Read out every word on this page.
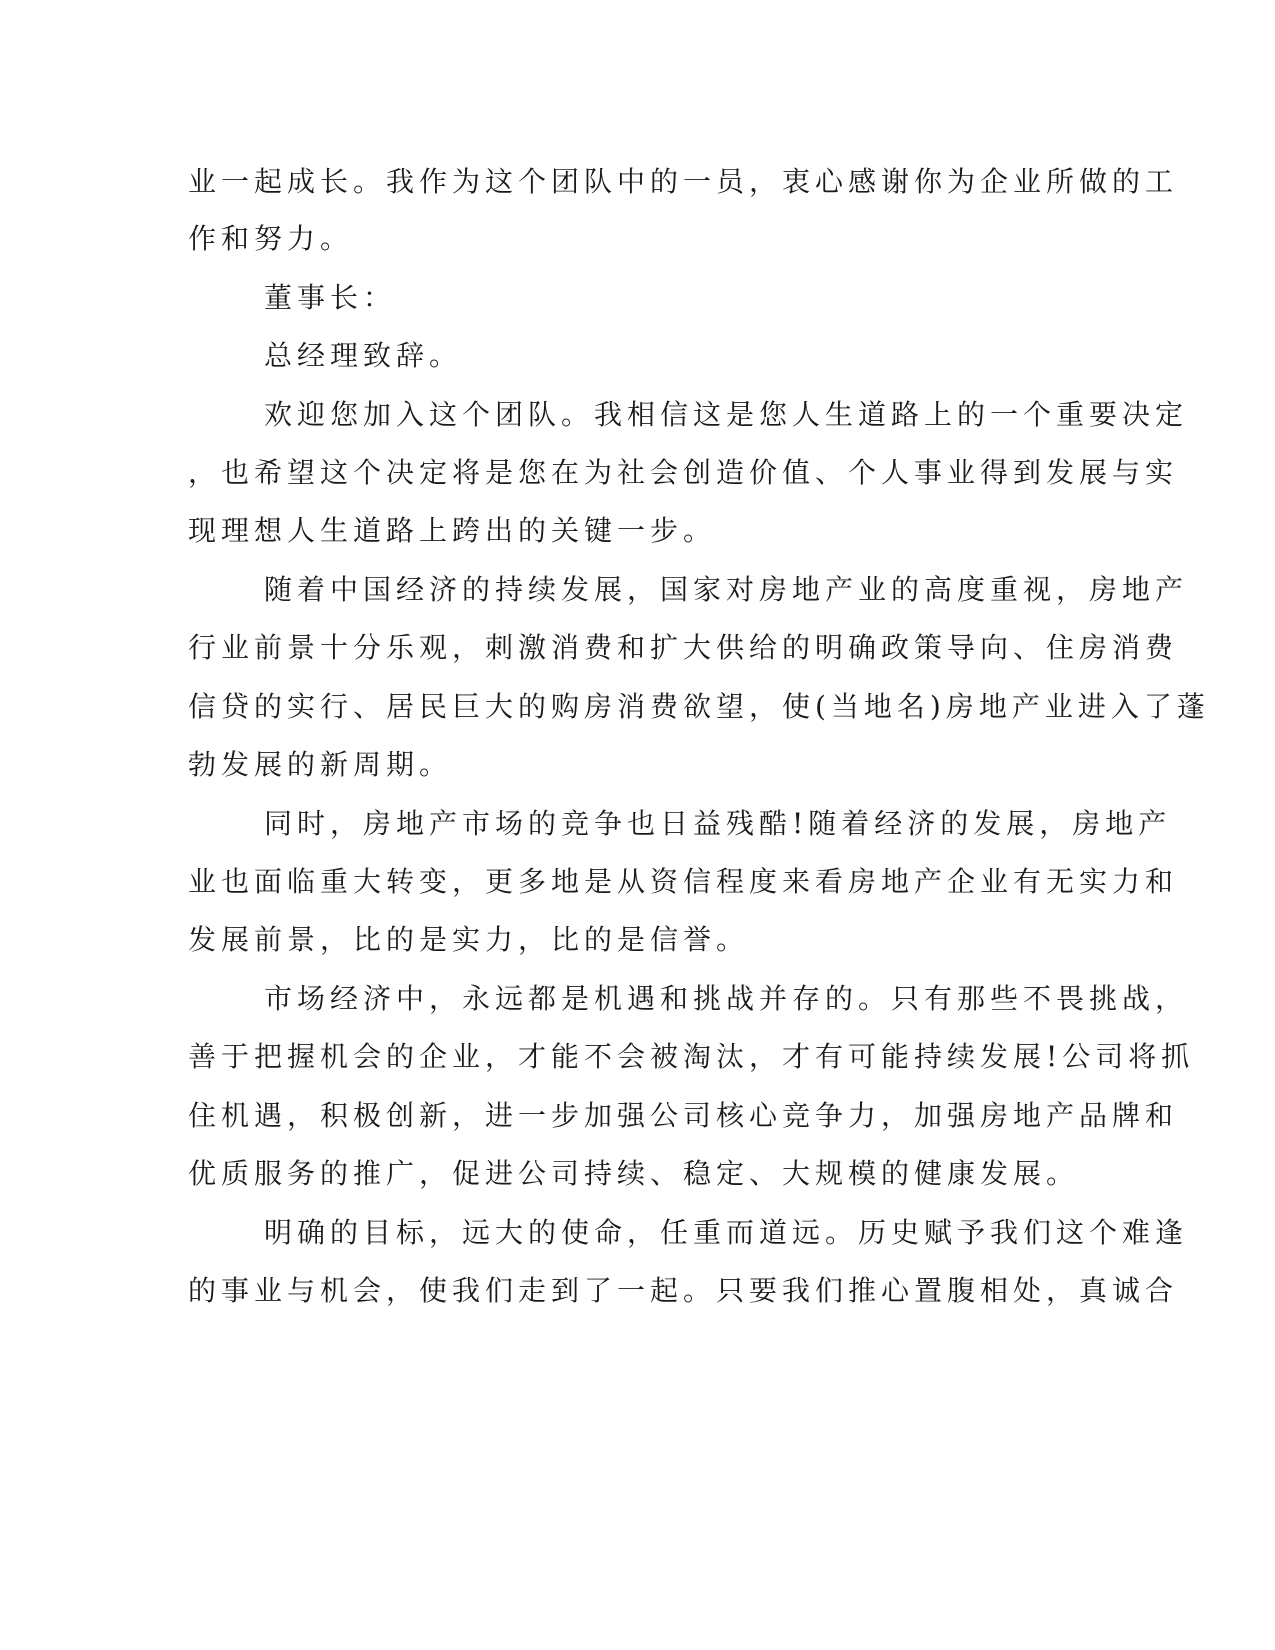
业一起成长。我作为这个团队中的一员，衷心感谢你为企业所做的工
作和努力。
董事长：
总经理致辞。
欢迎您加入这个团队。我相信这是您人生道路上的一个重要决定
，也希望这个决定将是您在为社会创造价值、个人事业得到发展与实
现理想人生道路上跨出的关键一步。
随着中国经济的持续发展，国家对房地产业的高度重视，房地产
行业前景十分乐观，刺激消费和扩大供给的明确政策导向、住房消费
信贷的实行、居民巨大的购房消费欲望，使(当地名)房地产业进入了蓬
勃发展的新周期。
同时，房地产市场的竞争也日益残酷!随着经济的发展，房地产
业也面临重大转变，更多地是从资信程度来看房地产企业有无实力和
发展前景，比的是实力，比的是信誉。
市场经济中，永远都是机遇和挑战并存的。只有那些不畏挑战，
善于把握机会的企业，才能不会被淘汰，才有可能持续发展!公司将抓
住机遇，积极创新，进一步加强公司核心竞争力，加强房地产品牌和
优质服务的推广，促进公司持续、稳定、大规模的健康发展。
明确的目标，远大的使命，任重而道远。历史赋予我们这个难逢
的事业与机会，使我们走到了一起。只要我们推心置腹相处，真诚合
